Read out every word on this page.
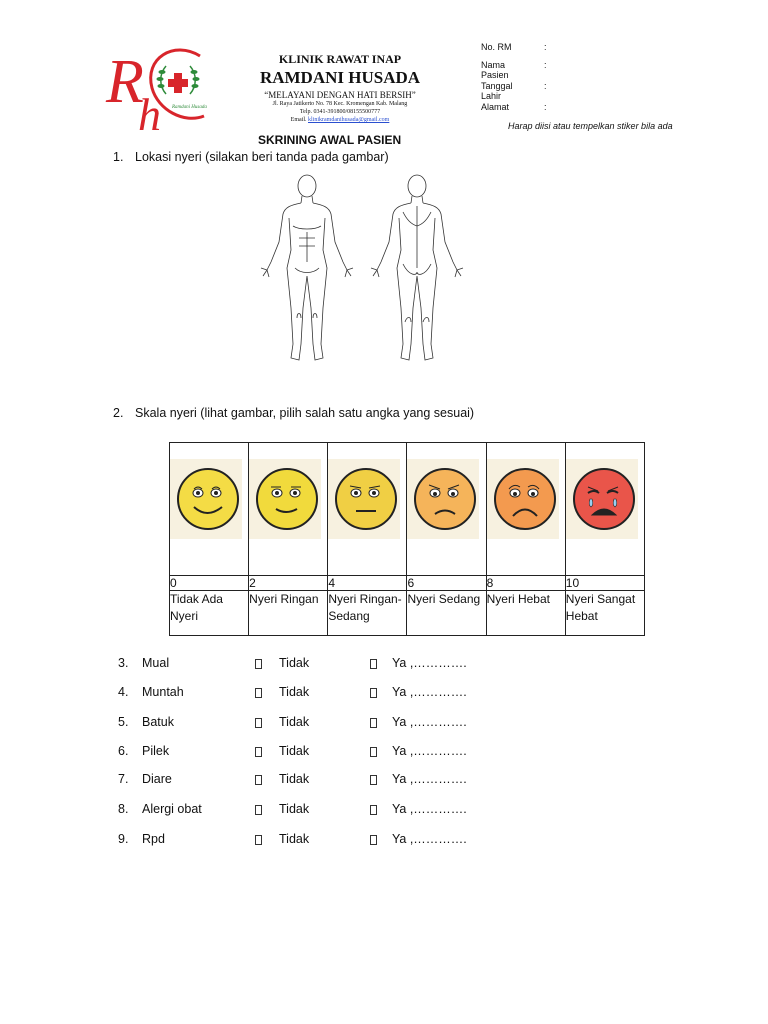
R
h Ramdani Husada
KLINIK RAWAT INAP
RAMDANI HUSADA
“MELAYANI DENGAN HATI BERSIH”
Jl. Raya Jatikerto No. 78 Kec. Kromengan Kab. Malang
Telp. 0341-391800/08155500777
Email. klinikramdanihusada@gmail.com
No. RM	:
Nama	:
Pasien
Tanggal	:
Lahir
Alamat	:
Harap diisi atau tempelkan stiker bila ada
SKRINING AWAL PASIEN
1. Lokasi nyeri (silakan beri tanda pada gambar)
2. Skala nyeri (lihat gambar, pilih salah satu angka yang sesuai)

0	2	4	6	8	10
Tidak Ada Nyeri	Nyeri Ringan	Nyeri Ringan-Sedang	Nyeri Sedang	Nyeri Hebat	Nyeri Sangat Hebat
3. Mual	Tidak	Ya ,………….
4. Muntah	Tidak	Ya ,………….
5. Batuk	Tidak	Ya ,………….
6. Pilek	Tidak	Ya ,………….
7. Diare	Tidak	Ya ,………….
8. Alergi obat	Tidak	Ya ,………….
9. Rpd	Tidak	Ya ,………….
